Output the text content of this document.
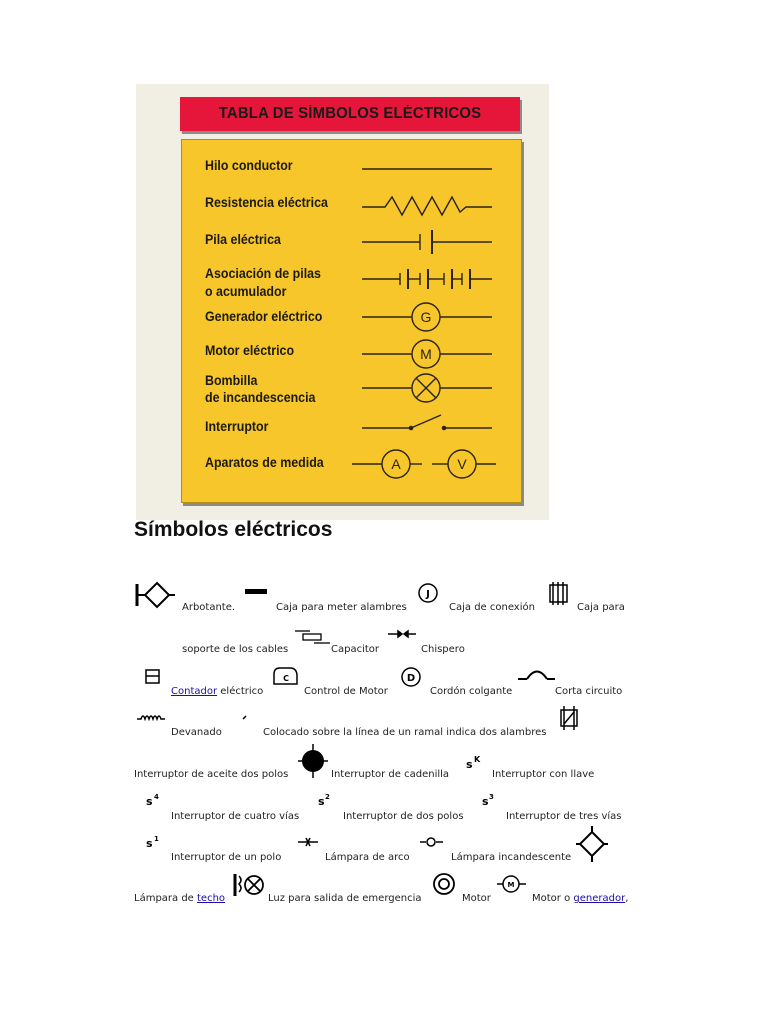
TABLA DE SÍMBOLOS ELÉCTRICOS
Hilo conductor
Resistencia eléctrica
Pila eléctrica
Asociación de pilas
o acumulador
Generador eléctrico
Motor eléctrico
Bombilla
de incandescencia
Interruptor
Aparatos de medida
G
M
A	V
J
C	D
M
s K
s 4	s 2	s 3
s 1
Símbolos eléctricos
Arbotante.	Caja para meter alambres	Caja de conexión	Caja para
soporte de los cables	Capacitor	Chispero
Contador eléctrico	Control de Motor	Cordón colgante	Corta circuito
Devanado	Colocado sobre la línea de un ramal indica dos alambres
Interruptor de aceite dos polos	Interruptor de cadenilla	Interruptor con llave
Interruptor de cuatro vías	Interruptor de dos polos	Interruptor de tres vías
Interruptor de un polo	Lámpara de arco	Lámpara incandescente
Lámpara de techo	Luz para salida de emergencia	Motor	Motor o generador,
